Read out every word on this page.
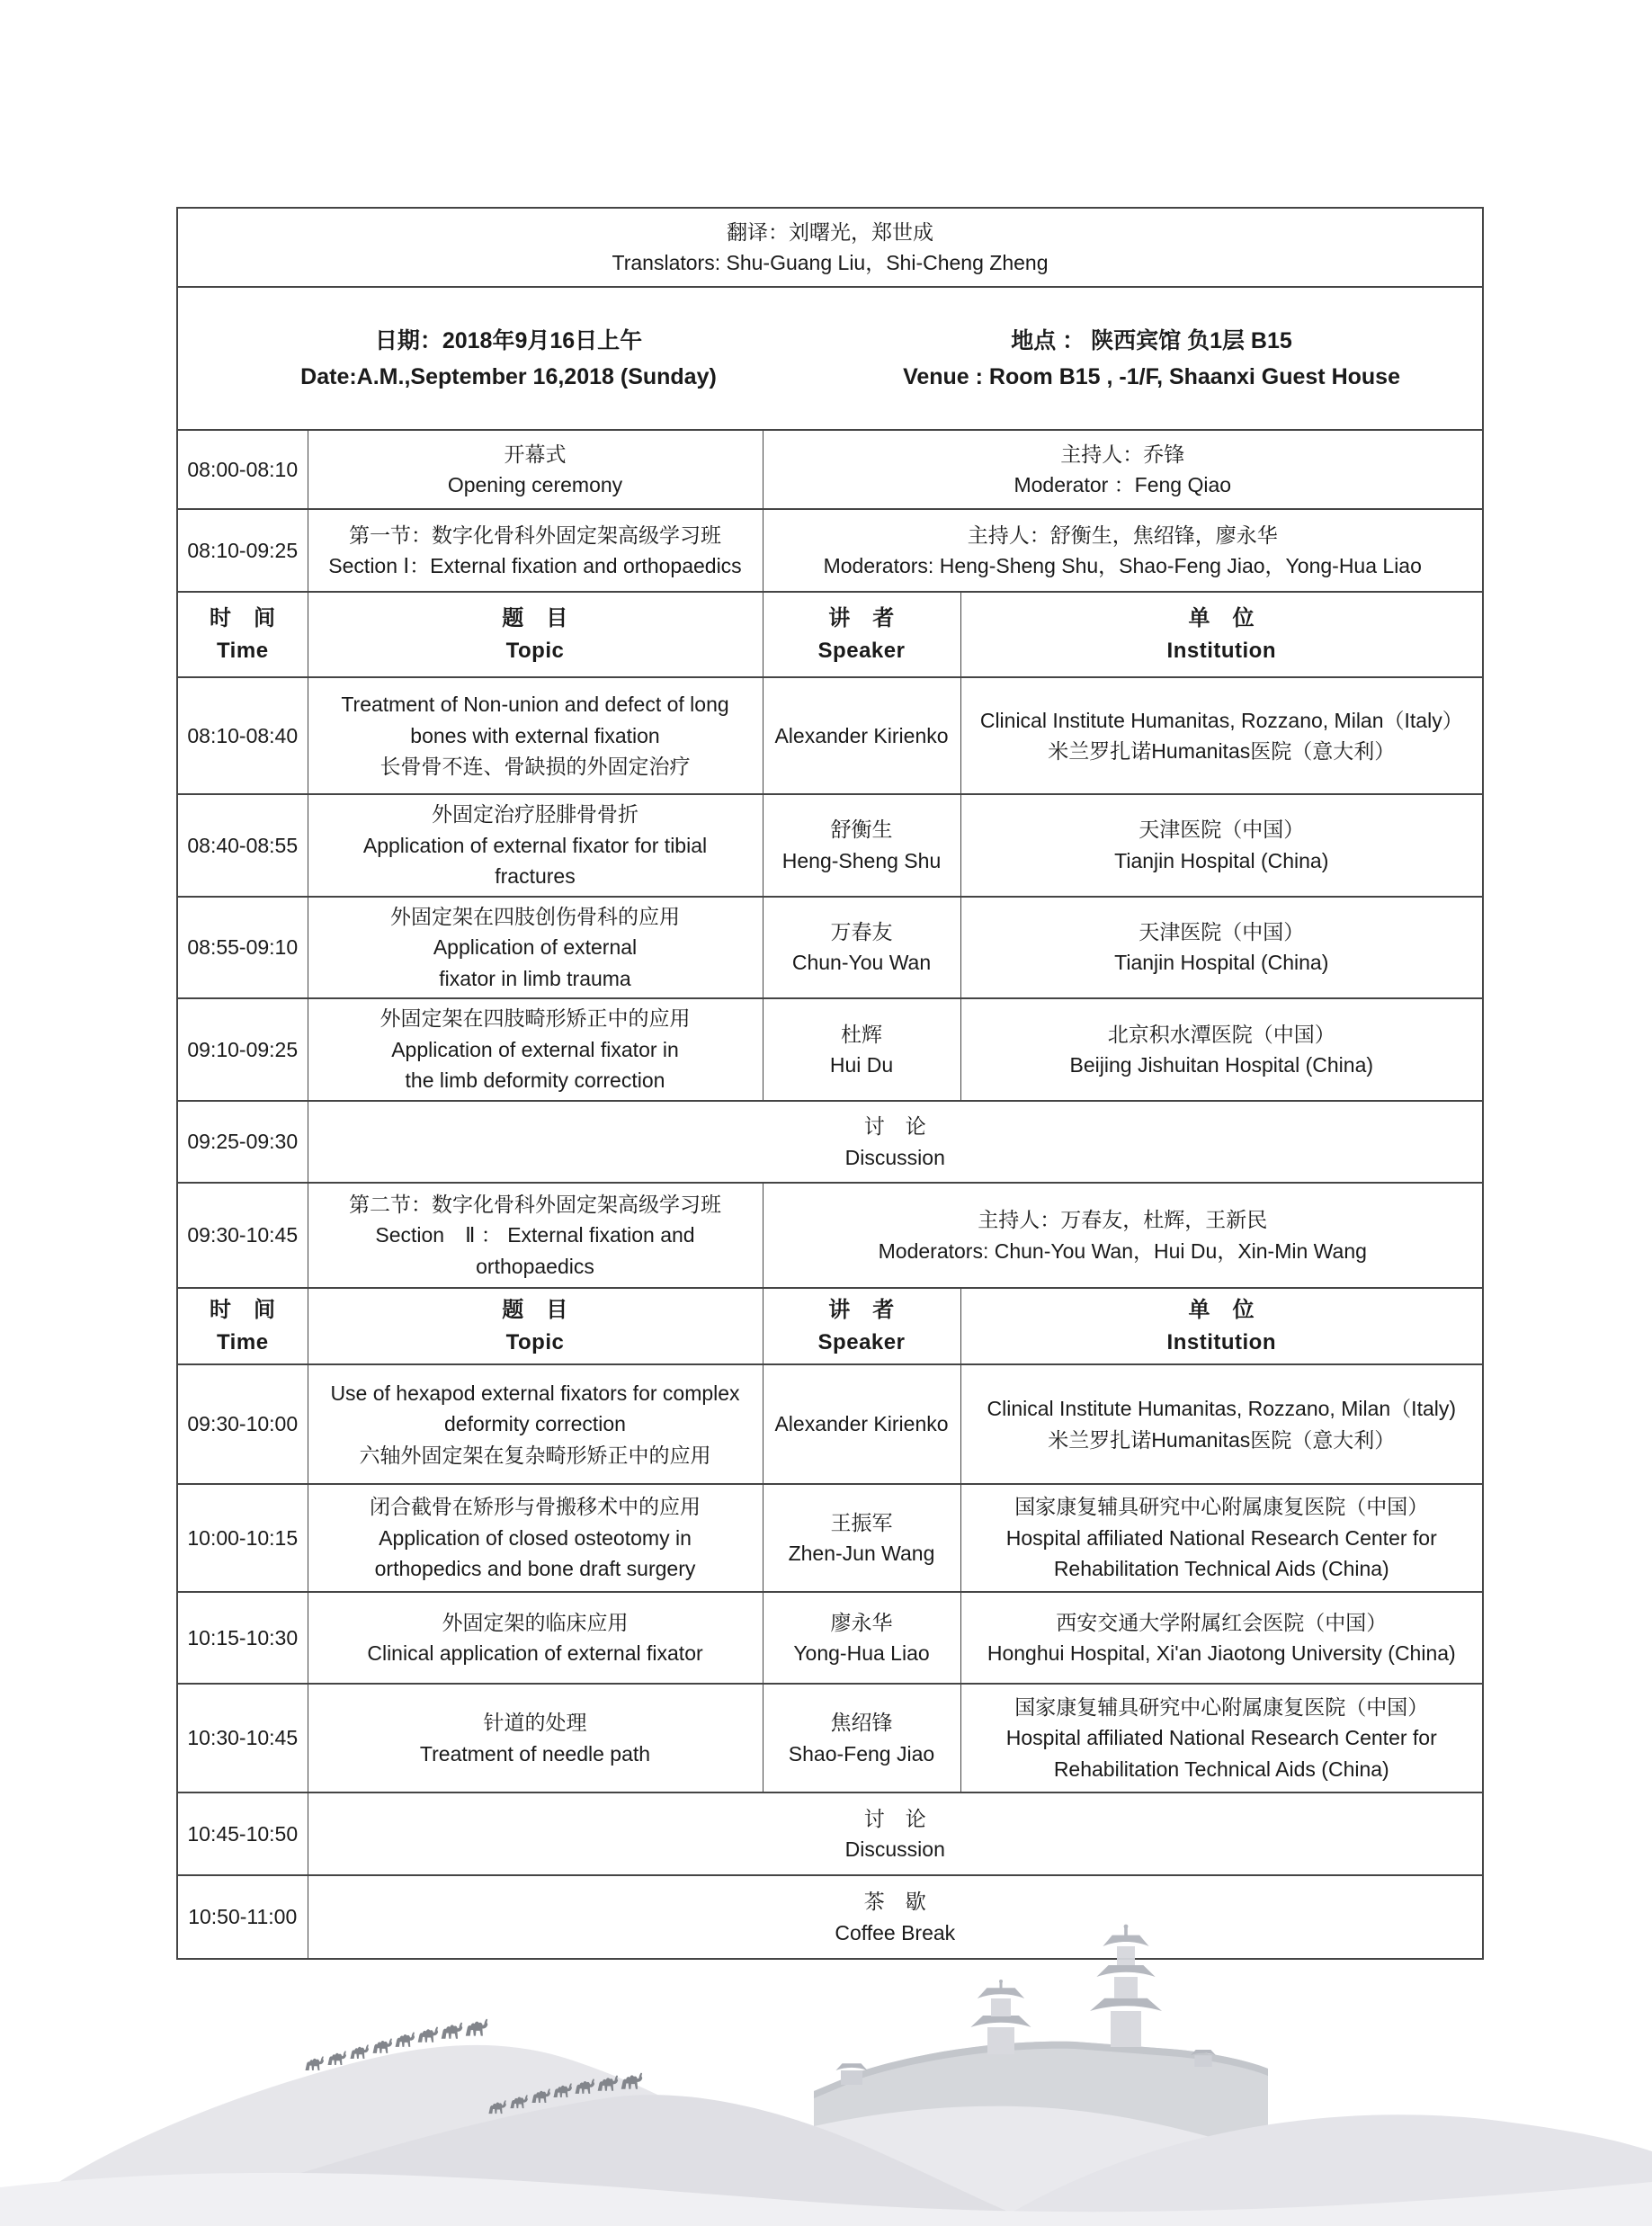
翻译：刘曙光，郑世成
Translators: Shu-Guang Liu，Shi-Cheng Zheng			

日期：2018年9月16日上午
Date:A.M.,September 16,2018 (Sunday)
地点 ： 陕西宾馆 负1层 B15
Venue : Room B15 , -1/F, Shaanxi Guest House			

08:00-08:10	开幕式
Opening ceremony	主持人：乔锋
Moderator ：Feng Qiao	
08:10-09:25	第一节：数字化骨科外固定架高级学习班
Section Ⅰ：External fixation and orthopaedics	主持人：舒衡生，焦绍锋，廖永华
Moderators: Heng-Sheng Shu，Shao-Feng Jiao，Yong-Hua Liao	
时　间
Time	题　目
Topic	讲　者
Speaker	单　位
Institution
08:10-08:40	Treatment of Non-union and defect of long
bones with external fixation
长骨骨不连、骨缺损的外固定治疗	Alexander Kirienko	Clinical Institute Humanitas, Rozzano, Milan（Italy）
米兰罗扎诺Humanitas医院（意大利）
08:40-08:55	外固定治疗胫腓骨骨折
Application of external fixator for tibial
fractures	舒衡生
Heng-Sheng Shu	天津医院（中国）
Tianjin Hospital (China)
08:55-09:10	外固定架在四肢创伤骨科的应用
Application of external
fixator in limb trauma	万春友
Chun-You Wan	天津医院（中国）
Tianjin Hospital (China)
09:10-09:25	外固定架在四肢畸形矫正中的应用
Application of external fixator in
the limb deformity correction	杜辉
Hui Du	北京积水潭医院（中国）
Beijing Jishuitan Hospital (China)
09:25-09:30	讨　论
Discussion		
09:30-10:45	第二节：数字化骨科外固定架高级学习班
Section　Ⅱ ： External fixation and
orthopaedics	主持人：万春友，杜辉，王新民
Moderators: Chun-You Wan，Hui Du，Xin-Min Wang	
时　间
Time	题　目
Topic	讲　者
Speaker	单　位
Institution
09:30-10:00	Use of hexapod external fixators for complex
deformity correction
六轴外固定架在复杂畸形矫正中的应用	Alexander Kirienko	Clinical Institute Humanitas, Rozzano, Milan（Italy)
米兰罗扎诺Humanitas医院（意大利）
10:00-10:15	闭合截骨在矫形与骨搬移术中的应用
Application of closed osteotomy in
orthopedics and bone draft surgery	王振军
Zhen-Jun Wang	国家康复辅具研究中心附属康复医院（中国）
Hospital affiliated National Research Center for
Rehabilitation Technical Aids (China)
10:15-10:30	外固定架的临床应用
Clinical application of external fixator	廖永华
Yong-Hua Liao	西安交通大学附属红会医院（中国）
Honghui Hospital, Xi'an Jiaotong University (China)
10:30-10:45	针道的处理
Treatment of needle path	焦绍锋
Shao-Feng Jiao	国家康复辅具研究中心附属康复医院（中国）
Hospital affiliated National Research Center for
Rehabilitation Technical Aids (China)
10:45-10:50	讨　论
Discussion		
10:50-11:00	茶　歇
Coffee Break		
